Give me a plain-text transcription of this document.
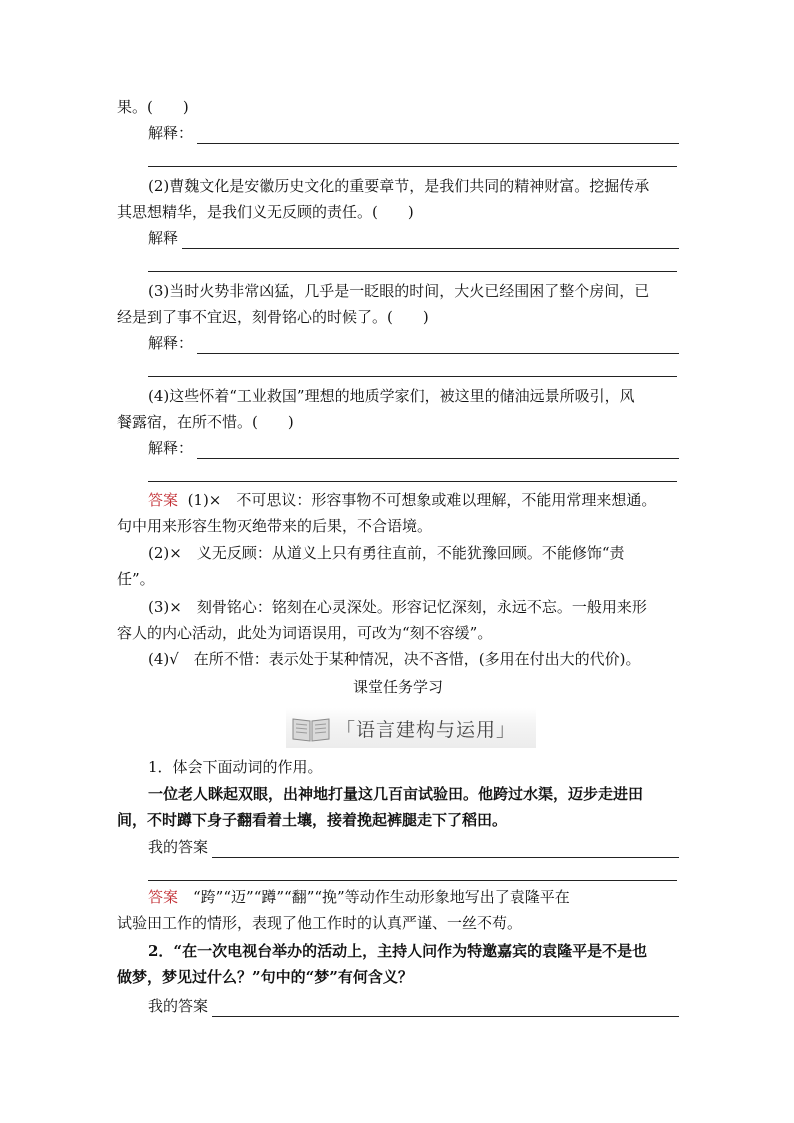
果。(　　)
解释：
(2)曹魏文化是安徽历史文化的重要章节，是我们共同的精神财富。挖掘传承
其思想精华，是我们义无反顾的责任。(　　)
解释
(3)当时火势非常凶猛，几乎是一眨眼的时间，大火已经围困了整个房间，已
经是到了事不宜迟，刻骨铭心的时候了。(　　)
解释：
(4)这些怀着“工业救国”理想的地质学家们，被这里的储油远景所吸引，风
餐露宿，在所不惜。(　　)
解释：
答案 (1)×　不可思议：形容事物不可想象或难以理解，不能用常理来想通。
句中用来形容生物灭绝带来的后果，不合语境。
(2)×　义无反顾：从道义上只有勇往直前，不能犹豫回顾。不能修饰“责
任”。
(3)×　刻骨铭心：铭刻在心灵深处。形容记忆深刻，永远不忘。一般用来形
容人的内心活动，此处为词语误用，可改为“刻不容缓”。
(4)√　在所不惜：表示处于某种情况，决不吝惜，(多用在付出大的代价)。
课堂任务学习
「语言建构与运用」
1．体会下面动词的作用。
一位老人眯起双眼，出神地打量这几百亩试验田。他跨过水渠，迈步走进田
间，不时蹲下身子翻看着土壤，接着挽起裤腿走下了稻田。
我的答案
答案　“跨”“迈”“蹲”“翻”“挽”等动作生动形象地写出了袁隆平在
试验田工作的情形，表现了他工作时的认真严谨、一丝不苟。
2．“在一次电视台举办的活动上，主持人问作为特邀嘉宾的袁隆平是不是也
做梦，梦见过什么？”句中的“梦”有何含义？
我的答案
